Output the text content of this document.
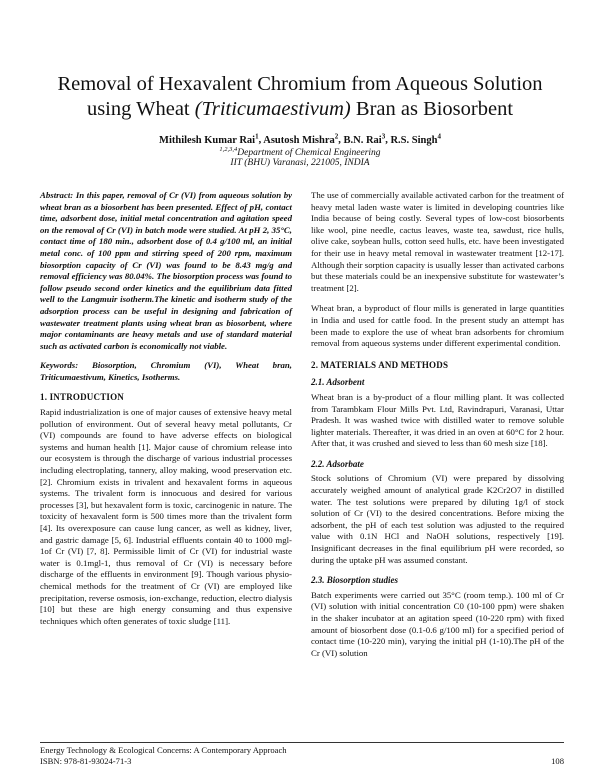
Removal of Hexavalent Chromium from Aqueous Solution
using Wheat (Triticumaestivum) Bran as Biosorbent
Mithilesh Kumar Rai$^1$, Asutosh Mishra$^2$, B.N. Rai$^3$, R.S. Singh$^4$
$^{1,2,3,4}$Department of Chemical Engineering
IIT (BHU) Varanasi, 221005, INDIA

Abstract: In this paper, removal of Cr (VI) from aqueous solution by wheat bran as a biosorbent has been presented. Effect of pH, contact time, adsorbent dose, initial metal concentration and agitation speed on the removal of Cr (VI) in batch mode were studied. At pH 2, 35°C, contact time of 180 min., adsorbent dose of 0.4 g/100 ml, an initial metal conc. of 100 ppm and stirring speed of 200 rpm, maximum biosorption capacity of Cr (VI) was found to be 8.43 mg/g and removal efficiency was 80.04%. The biosorption process was found to follow pseudo second order kinetics and the equilibrium data fitted well to the Langmuir isotherm.The kinetic and isotherm study of the adsorption process can be useful in designing and fabrication of wastewater treatment plants using wheat bran as biosorbent, where major contaminants are heavy metals and use of standard material such as activated carbon is economically not viable.

Keywords: Biosorption, Chromium (VI), Wheat bran, Triticumaestivum, Kinetics, Isotherms.

1. INTRODUCTION

Rapid industrialization is one of major causes of extensive heavy metal pollution of environment. Out of several heavy metal pollutants, Cr (VI) compounds are found to have adverse effects on biological systems and human health [1]. Major cause of chromium release into our ecosystem is through the discharge of various industrial processes including electroplating, tannery, alloy making, wood preservation etc. [2]. Chromium exists in trivalent and hexavalent forms in aqueous systems. The trivalent form is innocuous and desired for various processes [3], but hexavalent form is toxic, carcinogenic in nature. The toxicity of hexavalent form is 500 times more than the trivalent form [4]. Its overexposure can cause lung cancer, as well as kidney, liver, and gastric damage [5, 6]. Industrial effluents contain 40 to 1000 mgl-1of Cr (VI) [7, 8]. Permissible limit of Cr (VI) for industrial waste water is 0.1mgl-1, thus removal of Cr (VI) is necessary before discharge of the effluents in environment [9]. Though various physio-chemical methods for the treatment of Cr (VI) are employed like precipitation, reverse osmosis, ion-exchange, reduction, electro dialysis [10] but these are high energy consuming and thus expensive techniques which often generates of toxic sludge [11].

The use of commercially available activated carbon for the treatment of heavy metal laden waste water is limited in developing countries like India because of being costly. Several types of low-cost biosorbents like wool, pine needle, cactus leaves, waste tea, sawdust, rice hulls, olive cake, soybean hulls, cotton seed hulls, etc. have been investigated for their use in heavy metal removal in wastewater treatment [12-17]. Although their sorption capacity is usually lesser than activated carbons but these materials could be an inexpensive substitute for wastewater’s treatment [2].

Wheat bran, a byproduct of flour mills is generated in large quantities in India and used for cattle food. In the present study an attempt has been made to explore the use of wheat bran adsorbents for chromium removal from aqueous systems under different experimental condition.

2. MATERIALS AND METHODS
2.1. Adsorbent

Wheat bran is a by-product of a flour milling plant. It was collected from Tarambkam Flour Mills Pvt. Ltd, Ravindrapuri, Varanasi, Uttar Pradesh. It was washed twice with distilled water to remove soluble lighter materials. Thereafter, it was dried in an oven at 60°C for 2 hour. After that, it was crushed and sieved to less than 60 mesh size [18].

2.2. Adsorbate

Stock solutions of Chromium (VI) were prepared by dissolving accurately weighed amount of analytical grade K2Cr2O7 in distilled water. The test solutions were prepared by diluting 1g/l of stock solution of Cr (VI) to the desired concentrations. Before mixing the adsorbent, the pH of each test solution was adjusted to the required value with 0.1N HCl and NaOH solutions, respectively [19]. Insignificant decreases in the final equilibrium pH were recorded, so during the uptake pH was assumed constant.

2.3. Biosorption studies

Batch experiments were carried out 35°C (room temp.). 100 ml of Cr (VI) solution with initial concentration C0 (10-100 ppm) were shaken in the shaker incubator at an agitation speed (10-220 rpm) with fixed amount of biosorbent dose (0.1-0.6 g/100 ml) for a specified period of contact time (10-220 min), varying the initial pH (1-10).The pH of the Cr (VI) solution

Energy Technology & Ecological Concerns: A Contemporary Approach
ISBN: 978-81-93024-71-3	108
